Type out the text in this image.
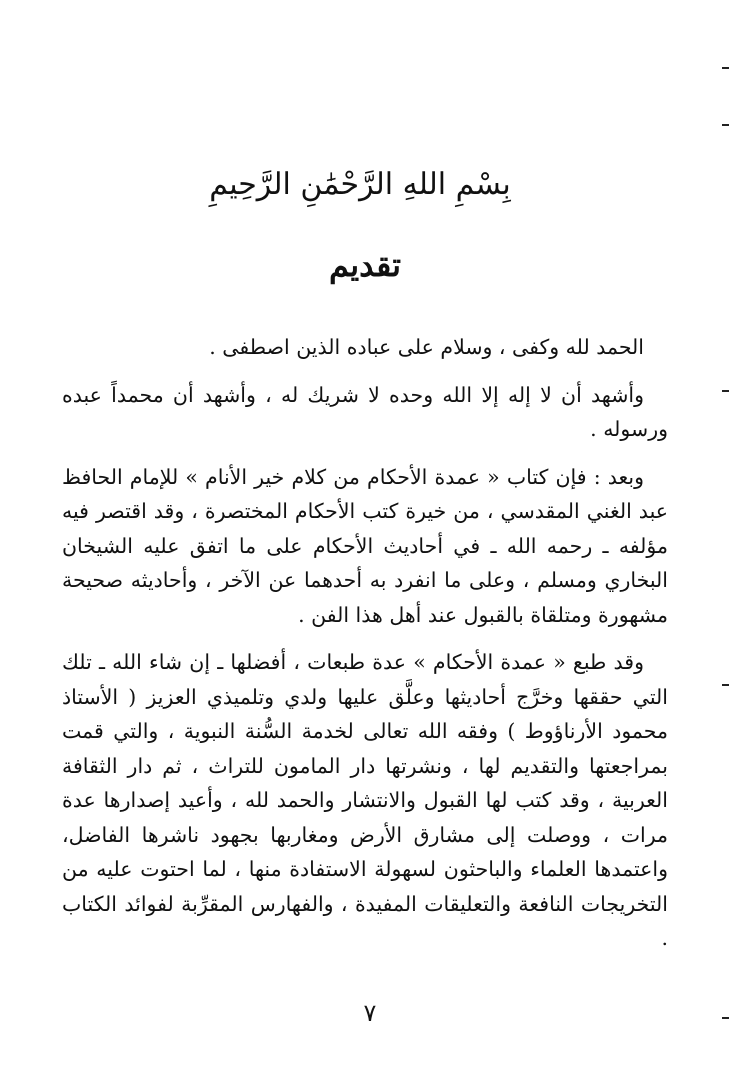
بِسْمِ اللهِ الرَّحْمَٰنِ الرَّحِيمِ
تقديم

الحمد لله وكفى ، وسلام على عباده الذين اصطفى .

وأشهد أن لا إله إلا الله وحده لا شريك له ، وأشهد أن محمداً عبده ورسوله .

وبعد : فإن كتاب « عمدة الأحكام من كلام خير الأنام » للإمام الحافظ عبد الغني المقدسي ، من خيرة كتب الأحكام المختصرة ، وقد اقتصر فيه مؤلفه ـ رحمه الله ـ في أحاديث الأحكام على ما اتفق عليه الشيخان البخاري ومسلم ، وعلى ما انفرد به أحدهما عن الآخر ، وأحاديثه صحيحة مشهورة ومتلقاة بالقبول عند أهل هذا الفن .

وقد طبع « عمدة الأحكام » عدة طبعات ، أفضلها ـ إن شاء الله ـ تلك التي حققها وخرَّج أحاديثها وعلَّق عليها ولدي وتلميذي العزيز ( الأستاذ محمود الأرناؤوط ) وفقه الله تعالى لخدمة السُّنة النبوية ، والتي قمت بمراجعتها والتقديم لها ، ونشرتها دار المامون للتراث ، ثم دار الثقافة العربية ، وقد كتب لها القبول والانتشار والحمد لله ، وأعيد إصدارها عدة مرات ، ووصلت إلى مشارق الأرض ومغاربها بجهود ناشرها الفاضل، واعتمدها العلماء والباحثون لسهولة الاستفادة منها ، لما احتوت عليه من التخريجات النافعة والتعليقات المفيدة ، والفهارس المقرِّبة لفوائد الكتاب .

٧
